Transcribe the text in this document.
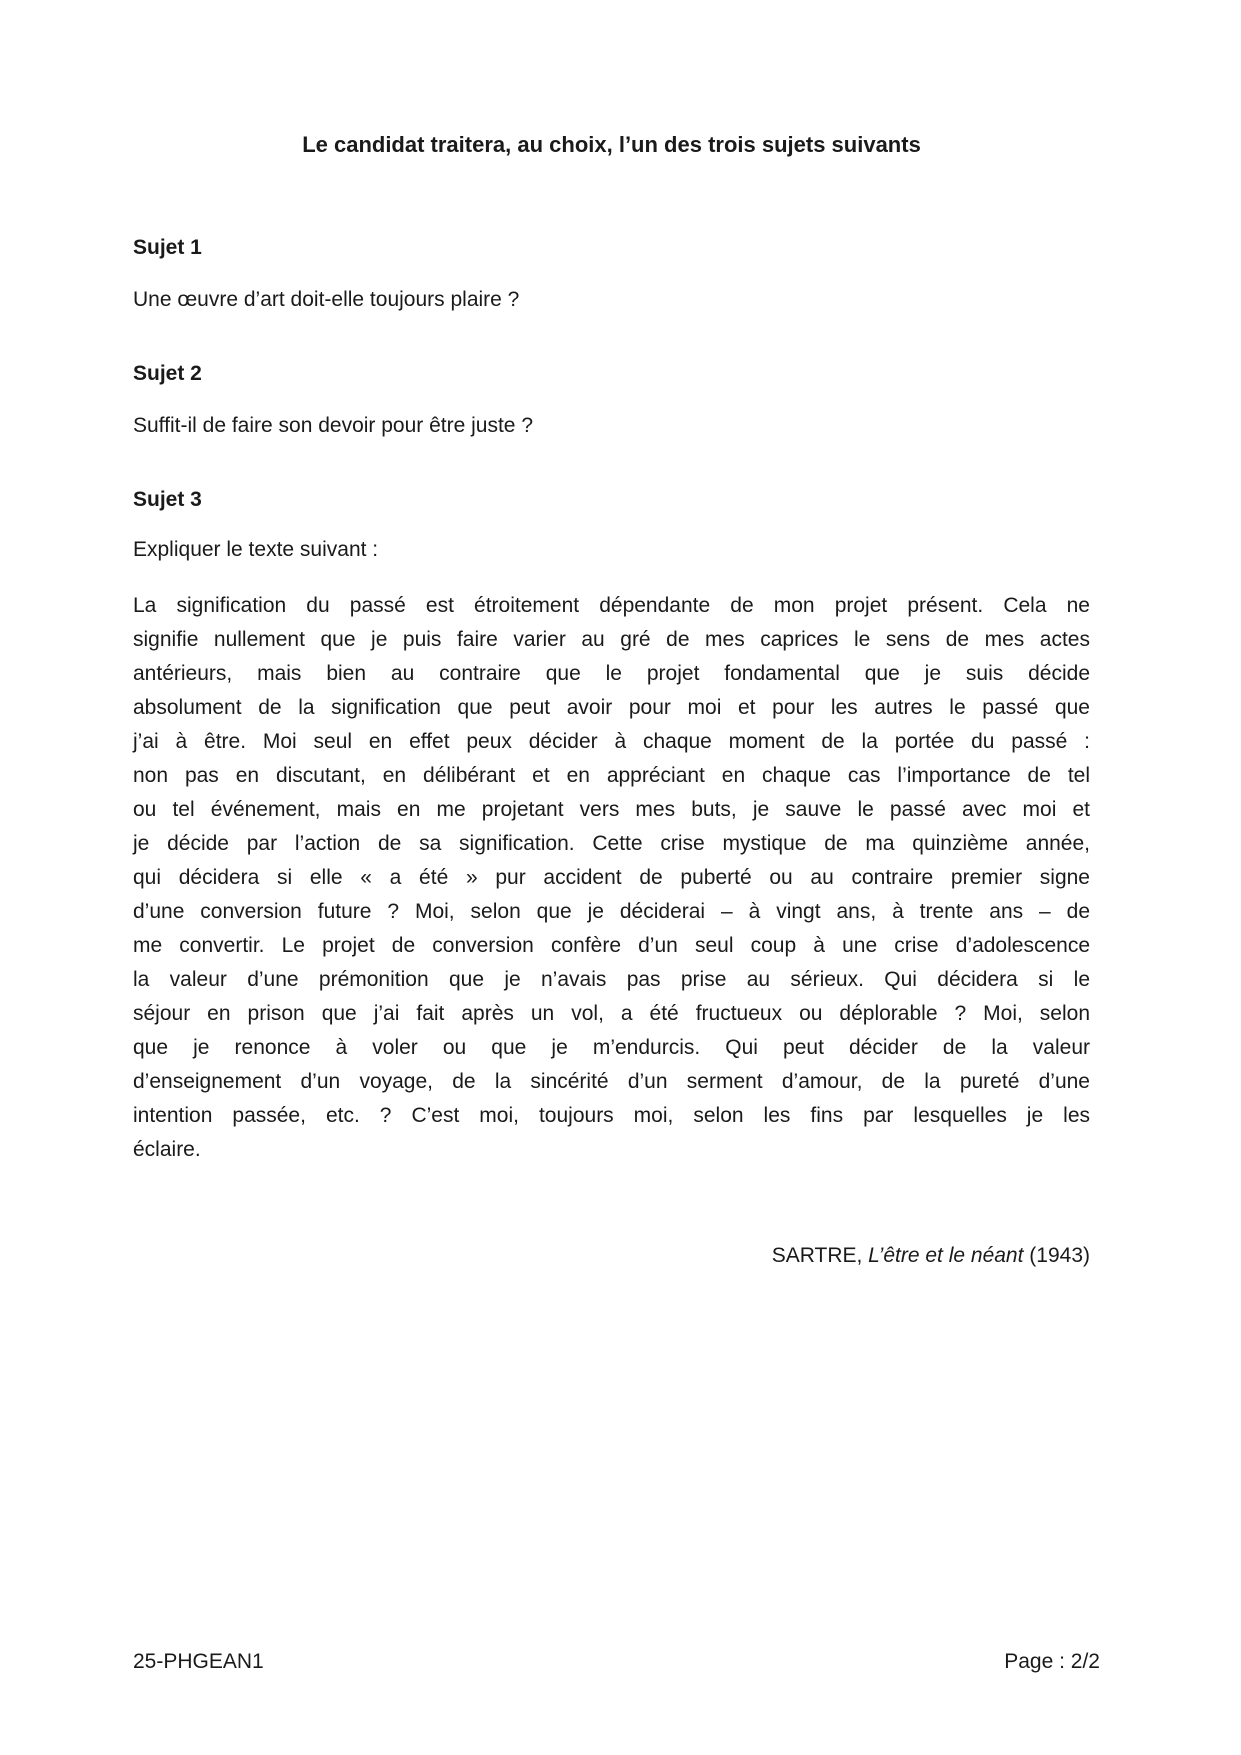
Le candidat traitera, au choix, l’un des trois sujets suivants
Sujet 1
Une œuvre d’art doit-elle toujours plaire ?
Sujet 2
Suffit-il de faire son devoir pour être juste ?
Sujet 3
Expliquer le texte suivant :
La signification du passé est étroitement dépendante de mon projet présent. Cela ne
signifie nullement que je puis faire varier au gré de mes caprices le sens de mes actes
antérieurs, mais bien au contraire que le projet fondamental que je suis décide
absolument de la signification que peut avoir pour moi et pour les autres le passé que
j’ai à être. Moi seul en effet peux décider à chaque moment de la portée du passé :
non pas en discutant, en délibérant et en appréciant en chaque cas l’importance de tel
ou tel événement, mais en me projetant vers mes buts, je sauve le passé avec moi et
je décide par l’action de sa signification. Cette crise mystique de ma quinzième année,
qui décidera si elle « a été » pur accident de puberté ou au contraire premier signe
d’une conversion future ? Moi, selon que je déciderai – à vingt ans, à trente ans – de
me convertir. Le projet de conversion confère d’un seul coup à une crise d’adolescence
la valeur d’une prémonition que je n’avais pas prise au sérieux. Qui décidera si le
séjour en prison que j’ai fait après un vol, a été fructueux ou déplorable ? Moi, selon
que je renonce à voler ou que je m’endurcis. Qui peut décider de la valeur
d’enseignement d’un voyage, de la sincérité d’un serment d’amour, de la pureté d’une
intention passée, etc. ? C’est moi, toujours moi, selon les fins par lesquelles je les
éclaire.
SARTRE, L’être et le néant (1943)
25-PHGEAN1	Page : 2/2
